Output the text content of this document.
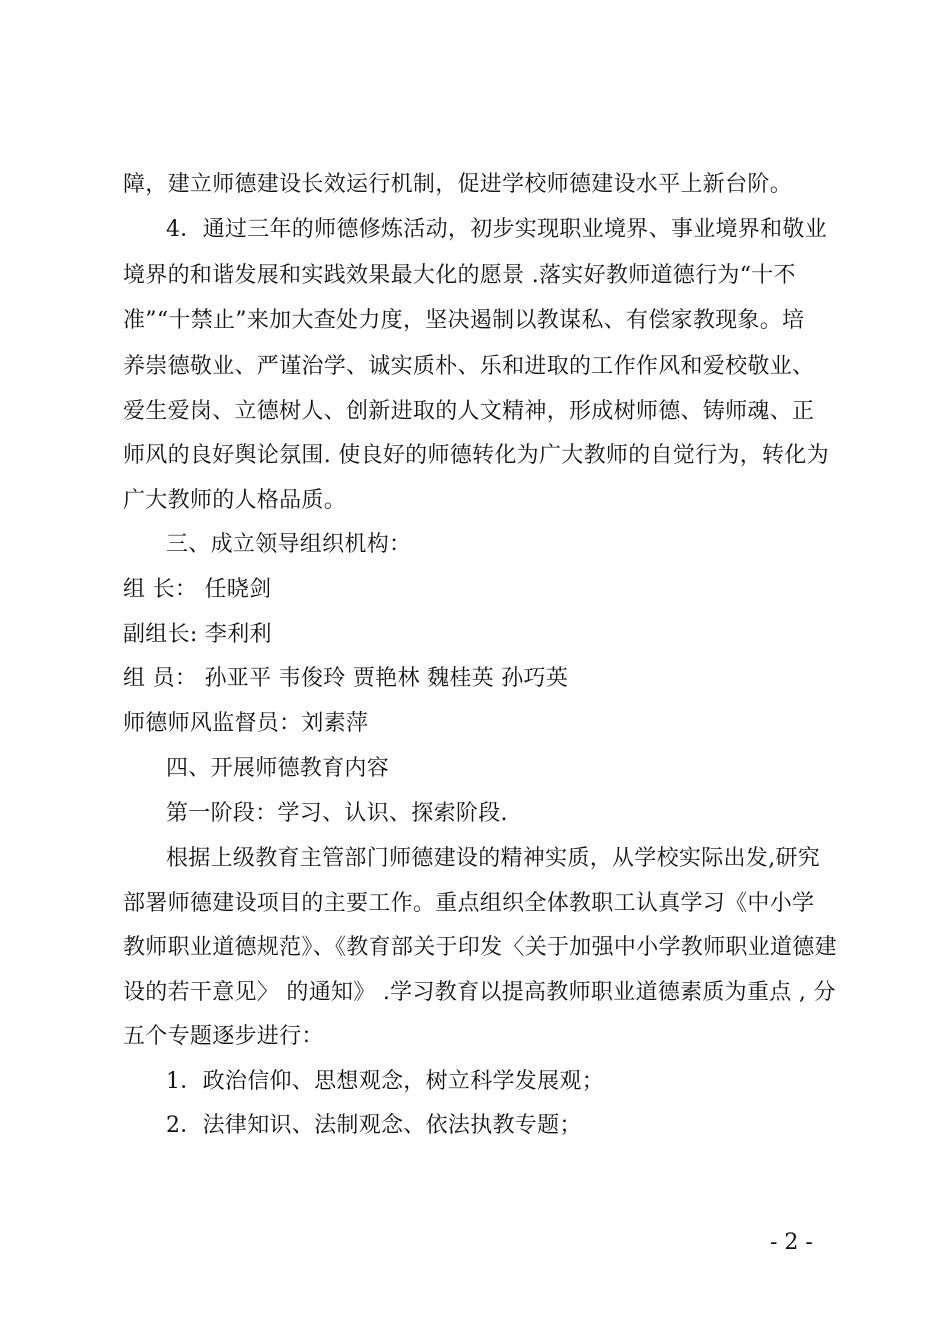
障，建立师德建设长效运行机制，促进学校师德建设水平上新台阶。
4．通过三年的师德修炼活动，初步实现职业境界、事业境界和敬业
境界的和谐发展和实践效果最大化的愿景 .落实好教师道德行为“十不
准”“十禁止”来加大查处力度，坚决遏制以教谋私、有偿家教现象。培
养崇德敬业、严谨治学、诚实质朴、乐和进取的工作作风和爱校敬业、
爱生爱岗、立德树人、创新进取的人文精神，形成树师德、铸师魂、正
师风的良好舆论氛围. 使良好的师德转化为广大教师的自觉行为，转化为
广大教师的人格品质。
三、成立领导组织机构：
组 长： 任晓剑
副组长: 李利利
组 员： 孙亚平 韦俊玲 贾艳林 魏桂英 孙巧英
师德师风监督员：刘素萍
四、开展师德教育内容
第一阶段：学习、认识、探索阶段.
根据上级教育主管部门师德建设的精神实质，从学校实际出发,研究
部署师德建设项目的主要工作。重点组织全体教职工认真学习《中小学
教师职业道德规范》、《教育部关于印发〈关于加强中小学教师职业道德建
设的若干意见〉 的通知》 .学习教育以提高教师职业道德素质为重点 , 分
五个专题逐步进行：
1．政治信仰、思想观念，树立科学发展观；
2．法律知识、法制观念、依法执教专题；
- 2 -
